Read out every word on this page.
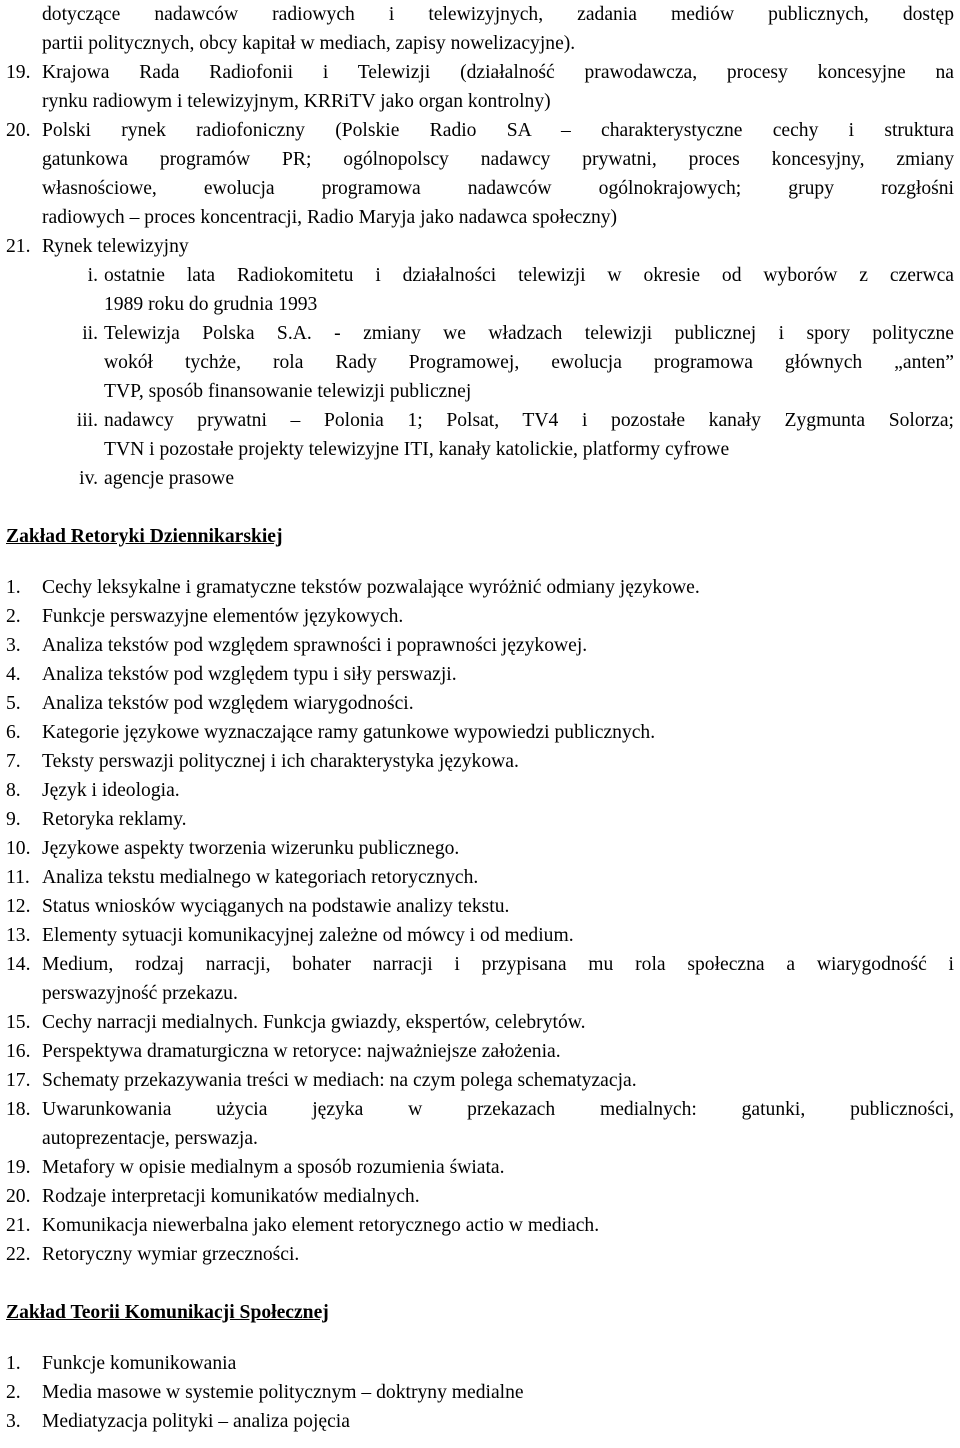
dotyczące nadawców radiowych i telewizyjnych, zadania mediów publicznych, dostęp
partii politycznych, obcy kapitał w mediach, zapisy nowelizacyjne).
19. Krajowa Rada Radiofonii i Telewizji (działalność prawodawcza, procesy koncesyjne na
rynku radiowym i telewizyjnym, KRRiTV jako organ kontrolny)
20. Polski rynek radiofoniczny (Polskie Radio SA – charakterystyczne cechy i struktura
gatunkowa programów PR; ogólnopolscy nadawcy prywatni, proces koncesyjny, zmiany
własnościowe, ewolucja programowa nadawców ogólnokrajowych; grupy rozgłośni
radiowych – proces koncentracji, Radio Maryja jako nadawca społeczny)
21. Rynek telewizyjny
i. ostatnie lata Radiokomitetu i działalności telewizji w okresie od wyborów z czerwca
1989 roku do grudnia 1993
ii. Telewizja Polska S.A. - zmiany we władzach telewizji publicznej i spory polityczne
wokół tychże, rola Rady Programowej, ewolucja programowa głównych „anten”
TVP, sposób finansowanie telewizji publicznej
iii. nadawcy prywatni – Polonia 1; Polsat, TV4 i pozostałe kanały Zygmunta Solorza;
TVN i pozostałe projekty telewizyjne ITI, kanały katolickie, platformy cyfrowe
iv. agencje prasowe
Zakład Retoryki Dziennikarskiej
1.	Cechy leksykalne i gramatyczne tekstów pozwalające wyróżnić odmiany językowe.
2.	Funkcje perswazyjne elementów językowych.
3.	Analiza tekstów pod względem sprawności i poprawności językowej.
4.	Analiza tekstów pod względem typu i siły perswazji.
5.	Analiza tekstów pod względem wiarygodności.
6.	Kategorie językowe wyznaczające ramy gatunkowe wypowiedzi publicznych.
7.	Teksty perswazji politycznej i ich charakterystyka językowa.
8.	Język i ideologia.
9.	Retoryka reklamy.
10. Językowe aspekty tworzenia wizerunku publicznego.
11. Analiza tekstu medialnego w kategoriach retorycznych.
12. Status wniosków wyciąganych na podstawie analizy tekstu.
13. Elementy sytuacji komunikacyjnej zależne od mówcy i od medium.
14. Medium, rodzaj narracji, bohater narracji i przypisana mu rola społeczna a wiarygodność i
perswazyjność przekazu.
15. Cechy narracji medialnych. Funkcja gwiazdy, ekspertów, celebrytów.
16. Perspektywa dramaturgiczna w retoryce: najważniejsze założenia.
17. Schematy przekazywania treści w mediach: na czym polega schematyzacja.
18. Uwarunkowania użycia języka w przekazach medialnych: gatunki, publiczności,
autoprezentacje, perswazja.
19. Metafory w opisie medialnym a sposób rozumienia świata.
20. Rodzaje interpretacji komunikatów medialnych.
21. Komunikacja niewerbalna jako element retorycznego actio w mediach.
22. Retoryczny wymiar grzeczności.
Zakład Teorii Komunikacji Społecznej
1.	Funkcje komunikowania
2.	Media masowe w systemie politycznym – doktryny medialne
3.	Mediatyzacja polityki – analiza pojęcia
